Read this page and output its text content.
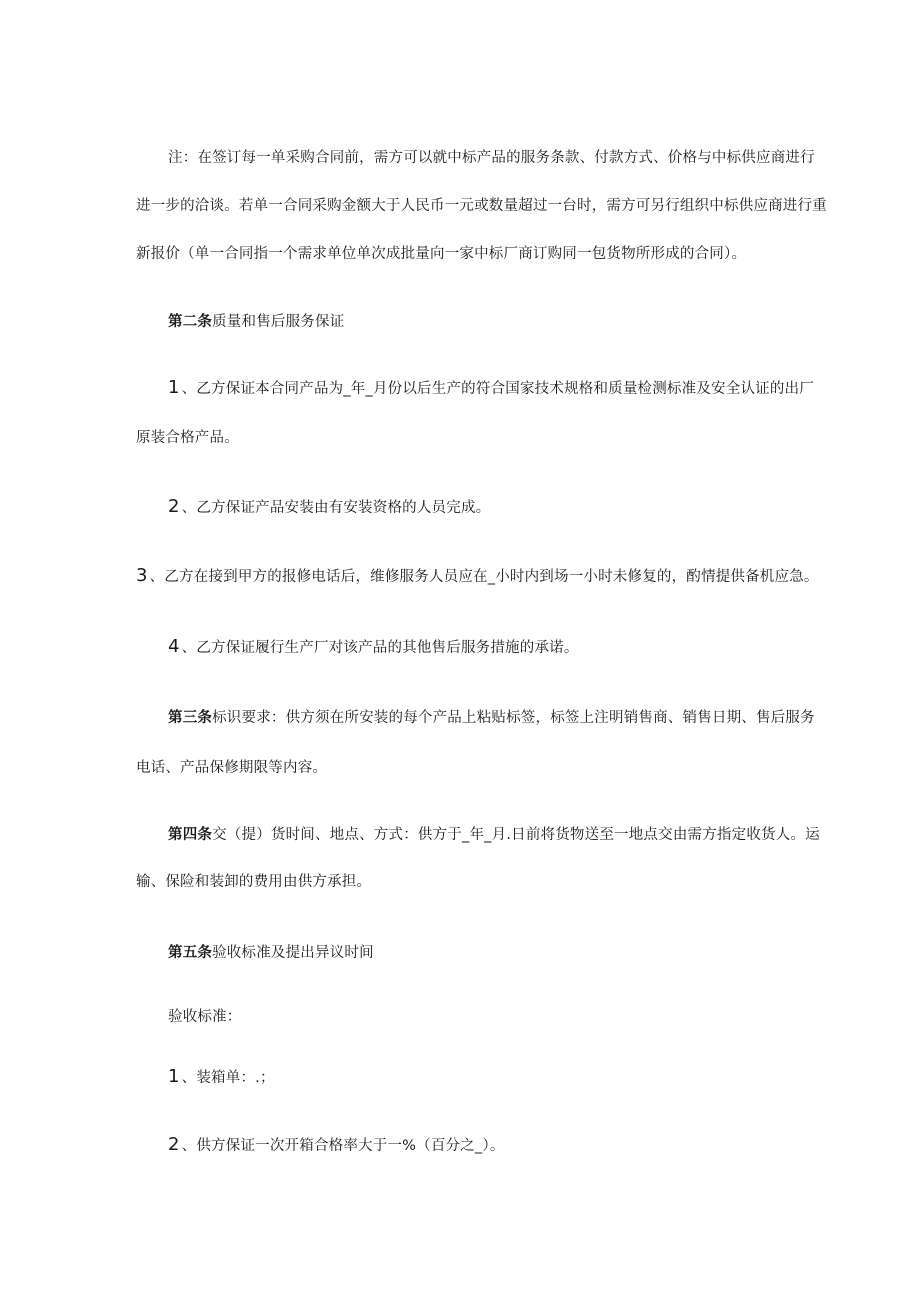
注：在签订每一单采购合同前，需方可以就中标产品的服务条款、付款方式、价格与中标供应商进行
进一步的洽谈。若单一合同采购金额大于人民币一元或数量超过一台时，需方可另行组织中标供应商进行重
新报价（单一合同指一个需求单位单次成批量向一家中标厂商订购同一包货物所形成的合同）。
第二条质量和售后服务保证
1 、乙方保证本合同产品为_年_月份以后生产的符合国家技术规格和质量检测标准及安全认证的出厂
原装合格产品。
2 、乙方保证产品安装由有安装资格的人员完成。
3 、乙方在接到甲方的报修电话后，维修服务人员应在_小时内到场一小时未修复的，酌情提供备机应急。
4 、乙方保证履行生产厂对该产品的其他售后服务措施的承诺。
第三条标识要求：供方须在所安装的每个产品上粘贴标签，标签上注明销售商、销售日期、售后服务
电话、产品保修期限等内容。
第四条交（提）货时间、地点、方式：供方于_年_月.日前将货物送至一地点交由需方指定收货人。运
输、保险和装卸的费用由供方承担。
第五条验收标准及提出异议时间
验收标准：
1 、装箱单：.；
2 、供方保证一次开箱合格率大于一%（百分之_）。
